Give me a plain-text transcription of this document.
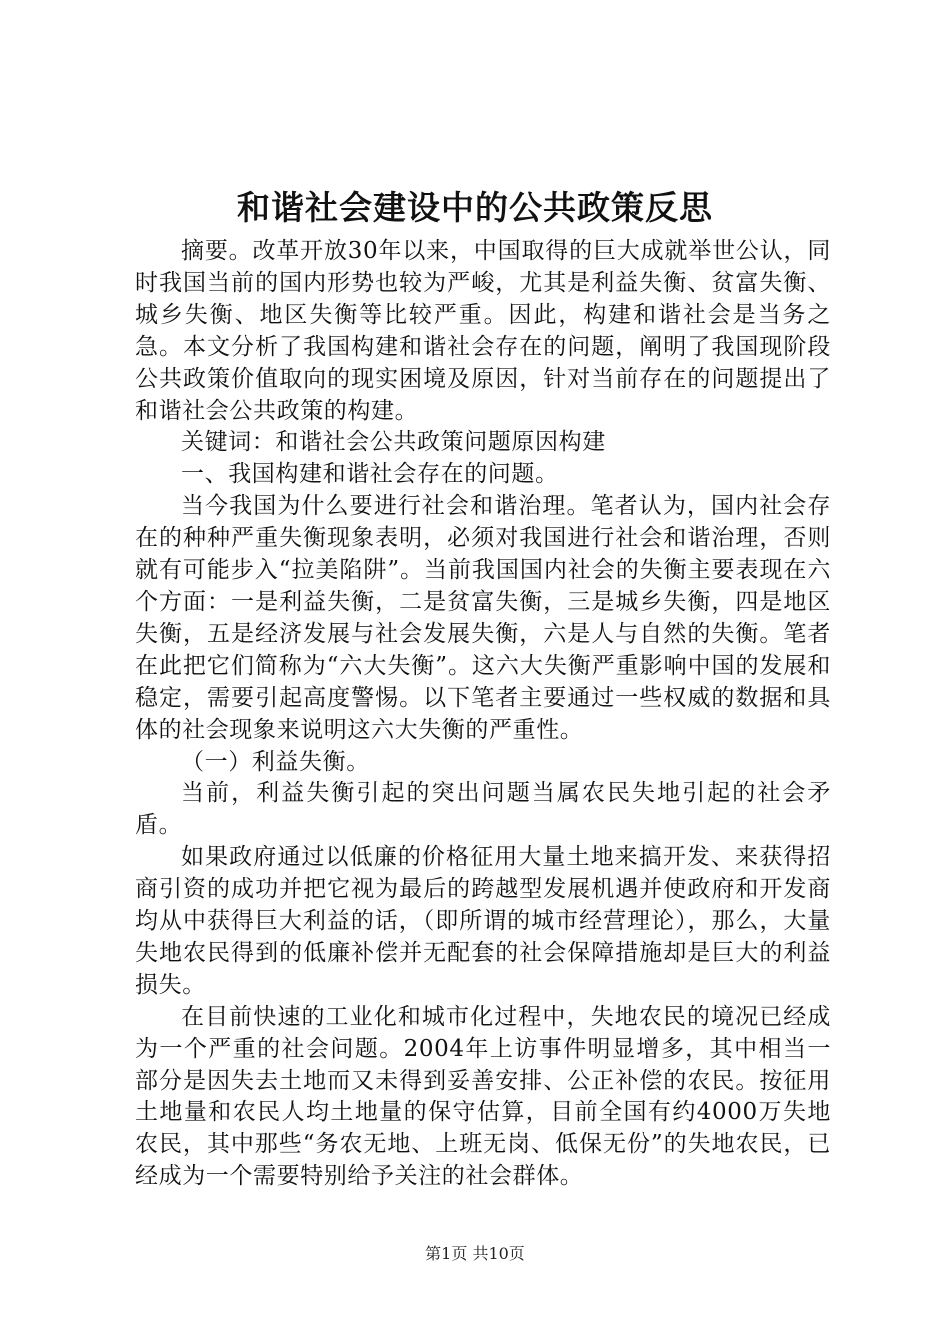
和谐社会建设中的公共政策反思

摘要。改革开放30年以来，中国取得的巨大成就举世公认，同时我国当前的国内形势也较为严峻，尤其是利益失衡、贫富失衡、城乡失衡、地区失衡等比较严重。因此，构建和谐社会是当务之急。本文分析了我国构建和谐社会存在的问题，阐明了我国现阶段公共政策价值取向的现实困境及原因，针对当前存在的问题提出了和谐社会公共政策的构建。

关键词：和谐社会公共政策问题原因构建

一、我国构建和谐社会存在的问题。

当今我国为什么要进行社会和谐治理。笔者认为，国内社会存在的种种严重失衡现象表明，必须对我国进行社会和谐治理，否则就有可能步入“拉美陷阱”。当前我国国内社会的失衡主要表现在六个方面：一是利益失衡，二是贫富失衡，三是城乡失衡，四是地区失衡，五是经济发展与社会发展失衡，六是人与自然的失衡。笔者在此把它们简称为“六大失衡”。这六大失衡严重影响中国的发展和稳定，需要引起高度警惕。以下笔者主要通过一些权威的数据和具体的社会现象来说明这六大失衡的严重性。

（一）利益失衡。

当前，利益失衡引起的突出问题当属农民失地引起的社会矛盾。

如果政府通过以低廉的价格征用大量土地来搞开发、来获得招商引资的成功并把它视为最后的跨越型发展机遇并使政府和开发商均从中获得巨大利益的话，（即所谓的城市经营理论），那么，大量失地农民得到的低廉补偿并无配套的社会保障措施却是巨大的利益损失。

在目前快速的工业化和城市化过程中，失地农民的境况已经成为一个严重的社会问题。2004年上访事件明显增多，其中相当一部分是因失去土地而又未得到妥善安排、公正补偿的农民。按征用土地量和农民人均土地量的保守估算，目前全国有约4000万失地农民，其中那些“务农无地、上班无岗、低保无份”的失地农民，已经成为一个需要特别给予关注的社会群体。

第1页 共10页
